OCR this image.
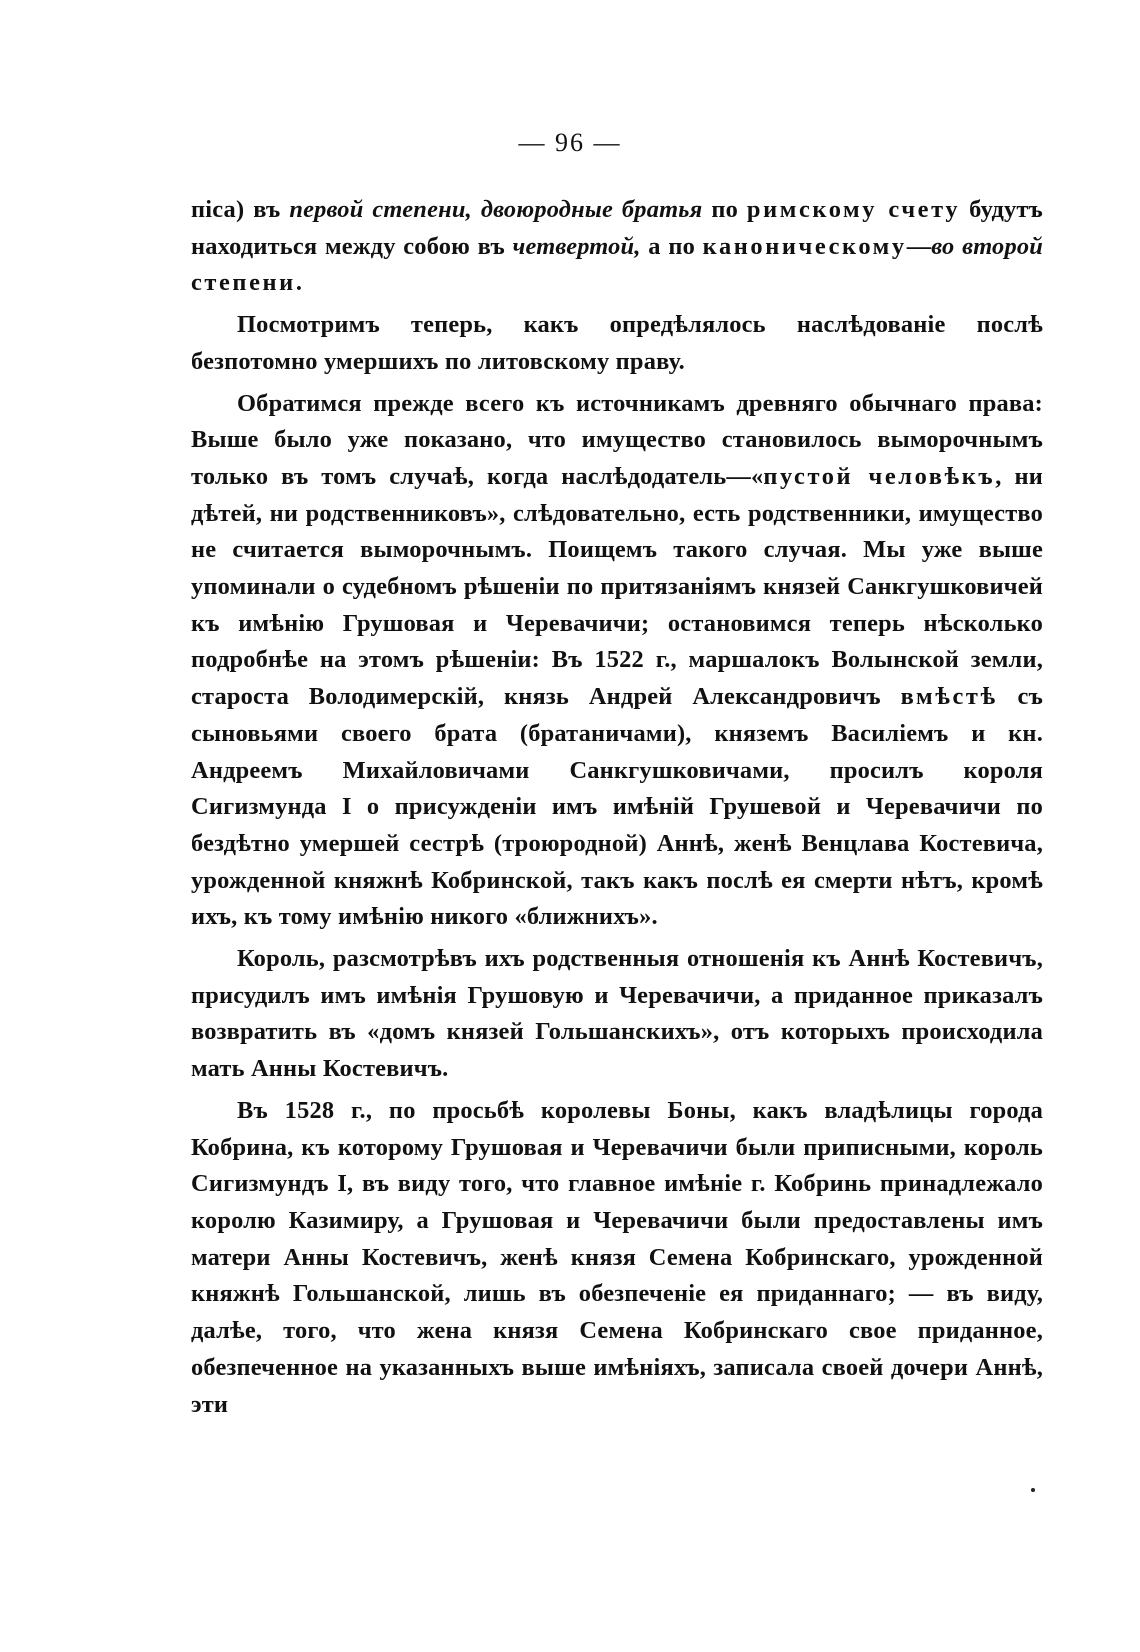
— 96 —

піса) въ первой степени, двоюродные братья по римскому счету будутъ находиться между собою въ четвертой, а по каноническому—во второй степени.

Посмотримъ теперь, какъ опредѣлялось наслѣдованіе послѣ безпотомно умершихъ по литовскому праву.

Обратимся прежде всего къ источникамъ древняго обычнаго права: Выше было уже показано, что имущество становилось выморочнымъ только въ томъ случаѣ, когда наслѣдодатель—«пустой человѣкъ, ни дѣтей, ни родственниковъ», слѣдовательно, есть родственники, имущество не считается выморочнымъ. Поищемъ такого случая. Мы уже выше упоминали о судебномъ рѣшеніи по притязаніямъ князей Санкгушковичей къ имѣнію Грушовая и Черевачичи; остановимся теперь нѣсколько подробнѣе на этомъ рѣшеніи: Въ 1522 г., маршалокъ Волынской земли, староста Володимерскій, князь Андрей Александровичъ вмѣстѣ съ сыновьями своего брата (братаничами), княземъ Василіемъ и кн. Андреемъ Михайловичами Санкгушковичами, просилъ короля Сигизмунда I о присужденіи имъ имѣній Грушевой и Черевачичи по бездѣтно умершей сестрѣ (троюродной) Аннѣ, женѣ Венцлава Костевича, урожденной княжнѣ Кобринской, такъ какъ послѣ ея смерти нѣтъ, кромѣ ихъ, къ тому имѣнію никого «ближнихъ».

Король, разсмотрѣвъ ихъ родственныя отношенія къ Аннѣ Костевичъ, присудилъ имъ имѣнія Грушовую и Черевачичи, а приданное приказалъ возвратить въ «домъ князей Гольшанскихъ», отъ которыхъ происходила мать Анны Костевичъ.

Въ 1528 г., по просьбѣ королевы Боны, какъ владѣлицы города Кобрина, къ которому Грушовая и Черевачичи были приписными, король Сигизмундъ I, въ виду того, что главное имѣніе г. Кобринь принадлежало королю Казимиру, а Грушовая и Черевачичи были предоставлены имъ матери Анны Костевичъ, женѣ князя Семена Кобринскаго, урожденной княжнѣ Гольшанской, лишь въ обезпеченіе ея приданнаго; — въ виду, далѣе, того, что жена князя Семена Кобринскаго свое приданное, обезпеченное на указанныхъ выше имѣніяхъ, записала своей дочери Аннѣ, эти
